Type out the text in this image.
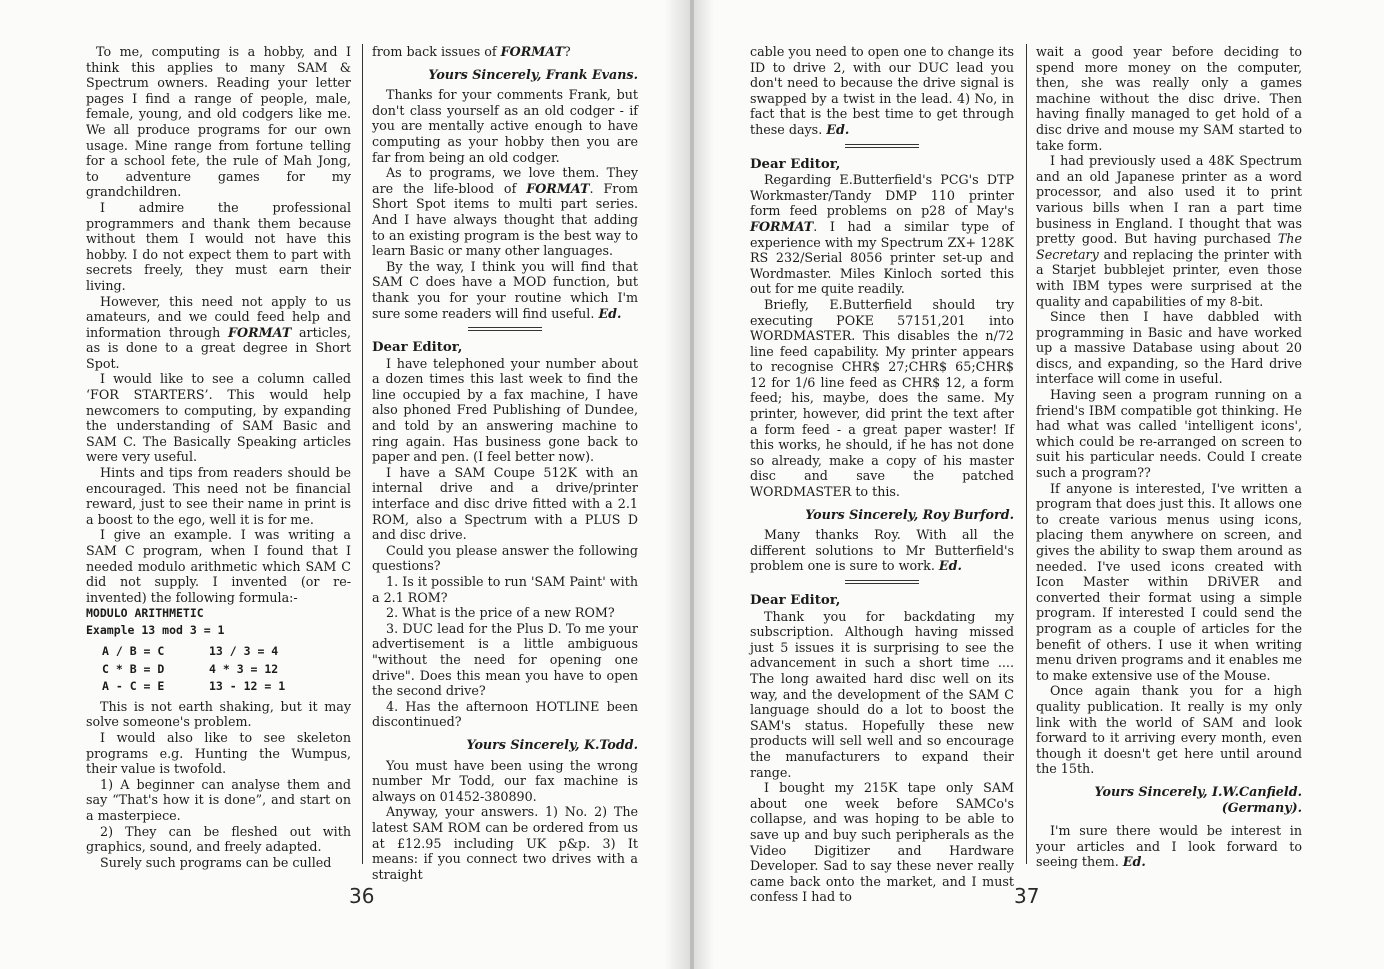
To me, computing is a hobby, and I think this applies to many SAM & Spectrum owners. Reading your letter pages I find a range of people, male, female, young, and old codgers like me. We all produce programs for our own usage. Mine range from fortune telling for a school fete, the rule of Mah Jong, to adventure games for my grandchildren.

I admire the professional programmers and thank them because without them I would not have this hobby. I do not expect them to part with secrets freely, they must earn their living.

However, this need not apply to us amateurs, and we could feed help and information through FORMAT articles, as is done to a great degree in Short Spot.

I would like to see a column called ‘FOR STARTERS’. This would help newcomers to computing, by expanding the understanding of SAM Basic and SAM C. The Basically Speaking articles were very useful.

Hints and tips from readers should be encouraged. This need not be financial reward, just to see their name in print is a boost to the ego, well it is for me.

I give an example. I was writing a SAM C program, when I found that I needed modulo arithmetic which SAM C did not supply. I invented (or re-invented) the following formula:-

MODULO ARITHMETIC
Example 13 mod 3 = 1
A / B = C	13 / 3 = 4
C * B = D	4 * 3 = 12
A - C = E	13 - 12 = 1

This is not earth shaking, but it may solve someone's problem.

I would also like to see skeleton programs e.g. Hunting the Wumpus, their value is twofold.

1) A beginner can analyse them and say “That's how it is done”, and start on a masterpiece.

2) They can be fleshed out with graphics, sound, and freely adapted.

Surely such programs can be culled

from back issues of FORMAT?

Yours Sincerely, Frank Evans.

Thanks for your comments Frank, but don't class yourself as an old codger - if you are mentally active enough to have computing as your hobby then you are far from being an old codger.

As to programs, we love them. They are the life-blood of FORMAT. From Short Spot items to multi part series. And I have always thought that adding to an existing program is the best way to learn Basic or many other languages.

By the way, I think you will find that SAM C does have a MOD function, but thank you for your routine which I'm sure some readers will find useful. Ed.

Dear Editor,

I have telephoned your number about a dozen times this last week to find the line occupied by a fax machine, I have also phoned Fred Publishing of Dundee, and told by an answering machine to ring again. Has business gone back to paper and pen. (I feel better now).

I have a SAM Coupe 512K with an internal drive and a drive/printer interface and disc drive fitted with a 2.1 ROM, also a Spectrum with a PLUS D and disc drive.

Could you please answer the following questions?

1. Is it possible to run 'SAM Paint' with a 2.1 ROM?

2. What is the price of a new ROM?

3. DUC lead for the Plus D. To me your advertisement is a little ambiguous "without the need for opening one drive". Does this mean you have to open the second drive?

4. Has the afternoon HOTLINE been discontinued?

Yours Sincerely, K.Todd.

You must have been using the wrong number Mr Todd, our fax machine is always on 01452-380890.

Anyway, your answers. 1) No. 2) The latest SAM ROM can be ordered from us at £12.95 including UK p&p. 3) It means: if you connect two drives with a straight

36

cable you need to open one to change its ID to drive 2, with our DUC lead you don't need to because the drive signal is swapped by a twist in the lead. 4) No, in fact that is the best time to get through these days. Ed.

Dear Editor,

Regarding E.Butterfield's PCG's DTP Workmaster/Tandy DMP 110 printer form feed problems on p28 of May's FORMAT. I had a similar type of experience with my Spectrum ZX+ 128K RS 232/Serial 8056 printer set-up and Wordmaster. Miles Kinloch sorted this out for me quite readily.

Briefly, E.Butterfield should try executing POKE 57151,201 into WORDMASTER. This disables the n/72 line feed capability. My printer appears to recognise CHR$ 27;CHR$ 65;CHR$ 12 for 1/6 line feed as CHR$ 12, a form feed; his, maybe, does the same. My printer, however, did print the text after a form feed - a great paper waster! If this works, he should, if he has not done so already, make a copy of his master disc and save the patched WORDMASTER to this.

Yours Sincerely, Roy Burford.

Many thanks Roy. With all the different solutions to Mr Butterfield's problem one is sure to work. Ed.

Dear Editor,

Thank you for backdating my subscription. Although having missed just 5 issues it is surprising to see the advancement in such a short time .... The long awaited hard disc well on its way, and the development of the SAM C language should do a lot to boost the SAM's status. Hopefully these new products will sell well and so encourage the manufacturers to expand their range.

I bought my 215K tape only SAM about one week before SAMCo's collapse, and was hoping to be able to save up and buy such peripherals as the Video Digitizer and Hardware Developer. Sad to say these never really came back onto the market, and I must confess I had to

wait a good year before deciding to spend more money on the computer, then, she was really only a games machine without the disc drive. Then having finally managed to get hold of a disc drive and mouse my SAM started to take form.

I had previously used a 48K Spectrum and an old Japanese printer as a word processor, and also used it to print various bills when I ran a part time business in England. I thought that was pretty good. But having purchased The Secretary and replacing the printer with a Starjet bubblejet printer, even those with IBM types were surprised at the quality and capabilities of my 8-bit.

Since then I have dabbled with programming in Basic and have worked up a massive Database using about 20 discs, and expanding, so the Hard drive interface will come in useful.

Having seen a program running on a friend's IBM compatible got thinking. He had what was called 'intelligent icons', which could be re-arranged on screen to suit his particular needs. Could I create such a program??

If anyone is interested, I've written a program that does just this. It allows one to create various menus using icons, placing them anywhere on screen, and gives the ability to swap them around as needed. I've used icons created with Icon Master within DRiVER and converted their format using a simple program. If interested I could send the program as a couple of articles for the benefit of others. I use it when writing menu driven programs and it enables me to make extensive use of the Mouse.

Once again thank you for a high quality publication. It really is my only link with the world of SAM and look forward to it arriving every month, even though it doesn't get here until around the 15th.

Yours Sincerely, I.W.Canfield.
(Germany).

I'm sure there would be interest in your articles and I look forward to seeing them. Ed.

37
